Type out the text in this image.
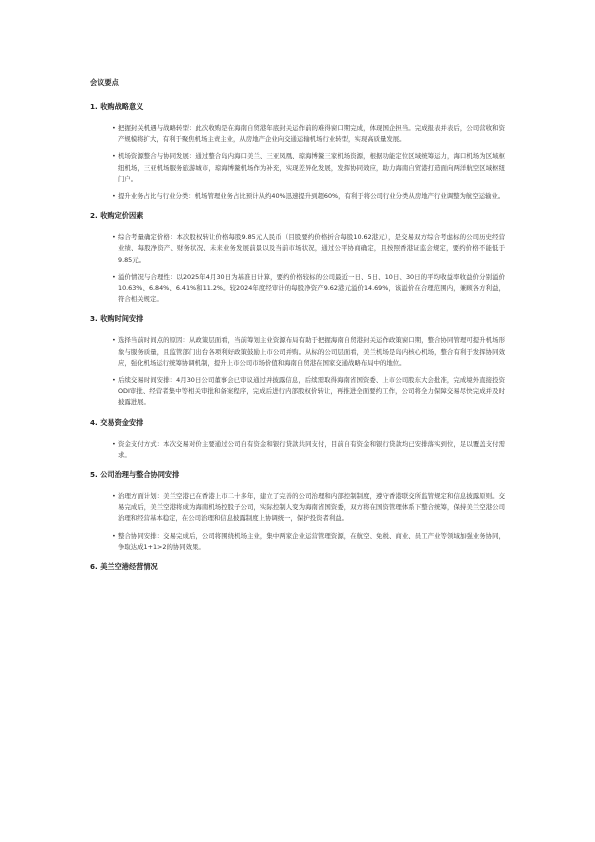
会议要点
1. 收购战略意义
• 把握封关机遇与战略转型：此次收购是在海南自贸港年底封关运作前的难得窗口期完成，体现国企担当。完成报表并表后，公司营收和资产规模将扩大，有利于聚焦机场主责主业，从房地产企业向交通运输机场行业转型，实现高质量发展。
• 机场资源整合与协同发展：通过整合岛内海口美兰、三亚凤凰、琼海博鳌三家机场资源，根据功能定位区域统筹运力，海口机场为区域枢纽机场，三亚机场服务旅游城市，琼海博鳌机场作为补充，实现差异化发展，发挥协同效应，助力海南自贸港打造面向两洋航空区域枢纽门户。
• 提升业务占比与行业分类：机场管理业务占比预计从约40%迅速提升到超60%，有利于将公司行业分类从房地产行业调整为航空运输业。
2. 收购定价因素
• 综合考量确定价格：本次股权转让价格每股9.85元人民币（目股要约价格折合每股10.62港元），是交易双方综合考虑标的公司历史经营业绩、每股净资产、财务状况、未来业务发展前景以及当前市场状况，通过公平协商确定，且按照香港证监会规定，要约价格不能低于9.85元。
• 溢价情况与合理性：以2025年4月30日为基准日计算，要约价格较标的公司最近一日、5日、10日、30日的平均收益率收益价分别溢价10.63%、6.84%、6.41%和11.2%。较2024年度经审计的每股净资产9.62港元溢价14.69%，该溢价在合理范围内，兼顾各方利益，符合相关规定。
3. 收购时间安排
• 选择当前时间点的原因：从政策层面看，当前筹划主业资源布局有助于把握海南自贸港封关运作政策窗口期，整合协同管理可提升机场形象与服务质量，且监管部门出台各项利好政策鼓励上市公司并购。从标的公司层面看，美兰机场是岛内核心机场，整合有利于发挥协同效应，强化机场运行统筹协调机制，提升上市公司市场价值和海南自贸港在国家交通战略布局中的地位。
• 后续交易时间安排：4月30日公司董事会已审议通过并披露信息，后续需取得海南省国资委、上市公司股东大会批准，完成境外直接投资ODI审批、经营者集中等相关审批和备案程序，完成后进行内部股权价转让，再推进全面要约工作，公司将全力保障交易尽快完成并及时披露进展。
4. 交易资金安排
• 资金支付方式：本次交易对价主要通过公司自有资金和银行贷款共同支付，目前自有资金和银行贷款均已安排落实到位，足以覆盖支付需求。
5. 公司治理与整合协同安排
• 治理方面计划：美兰空港已在香港上市二十多年，建立了完善的公司治理和内部控制制度，遵守香港联交所监管规定和信息披露原则。交易完成后，美兰空港将成为海南机场控股子公司，实际控制人变为海南省国资委，双方将在国资管理体系下整合统筹，保持美兰空港公司治理和经营基本稳定，在公司治理和信息披露制度上协调统一，保护投资者利益。
• 整合协同安排：交易完成后，公司将围绕机场主业，集中两家企业运营管理资源，在航空、免税、商业、员工产业等领域加强业务协同，争取达成1+1>2的协同效果。
6. 美兰空港经营情况
